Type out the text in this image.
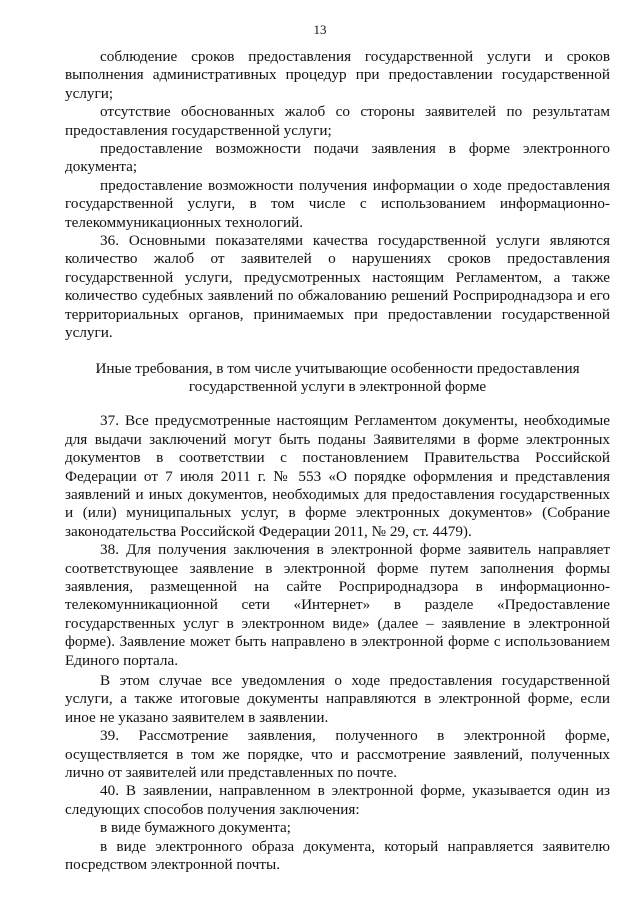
13

соблюдение сроков предоставления государственной услуги и сроков выполнения административных процедур при предоставлении государственной услуги;

отсутствие обоснованных жалоб со стороны заявителей по результатам предоставления государственной услуги;

предоставление возможности подачи заявления в форме электронного документа;

предоставление возможности получения информации о ходе предоставления государственной услуги, в том числе с использованием информационно-телекоммуникационных технологий.

36. Основными показателями качества государственной услуги являются количество жалоб от заявителей о нарушениях сроков предоставления государственной услуги, предусмотренных настоящим Регламентом, а также количество судебных заявлений по обжалованию решений Росприроднадзора и его территориальных органов, принимаемых при предоставлении государственной услуги.

Иные требования, в том числе учитывающие особенности предоставления
государственной услуги в электронной форме

37. Все предусмотренные настоящим Регламентом документы, необходимые для выдачи заключений могут быть поданы Заявителями в форме электронных документов в соответствии с постановлением Правительства Российской Федерации от 7 июля 2011 г. № 553 «О порядке оформления и представления заявлений и иных документов, необходимых для предоставления государственных и (или) муниципальных услуг, в форме электронных документов» (Собрание законодательства Российской Федерации 2011, № 29, ст. 4479).

38. Для получения заключения в электронной форме заявитель направляет соответствующее заявление в электронной форме путем заполнения формы заявления, размещенной на сайте Росприроднадзора в информационно-телекомунникационной сети «Интернет» в разделе «Предоставление государственных услуг в электронном виде» (далее – заявление в электронной форме). Заявление может быть направлено в электронной форме с использованием Единого портала.

В этом случае все уведомления о ходе предоставления государственной услуги, а также итоговые документы направляются в электронной форме, если иное не указано заявителем в заявлении.

39. Рассмотрение заявления, полученного в электронной форме, осуществляется в том же порядке, что и рассмотрение заявлений, полученных лично от заявителей или представленных по почте.

40. В заявлении, направленном в электронной форме, указывается один из следующих способов получения заключения:

в виде бумажного документа;

в виде электронного образа документа, который направляется заявителю посредством электронной почты.
